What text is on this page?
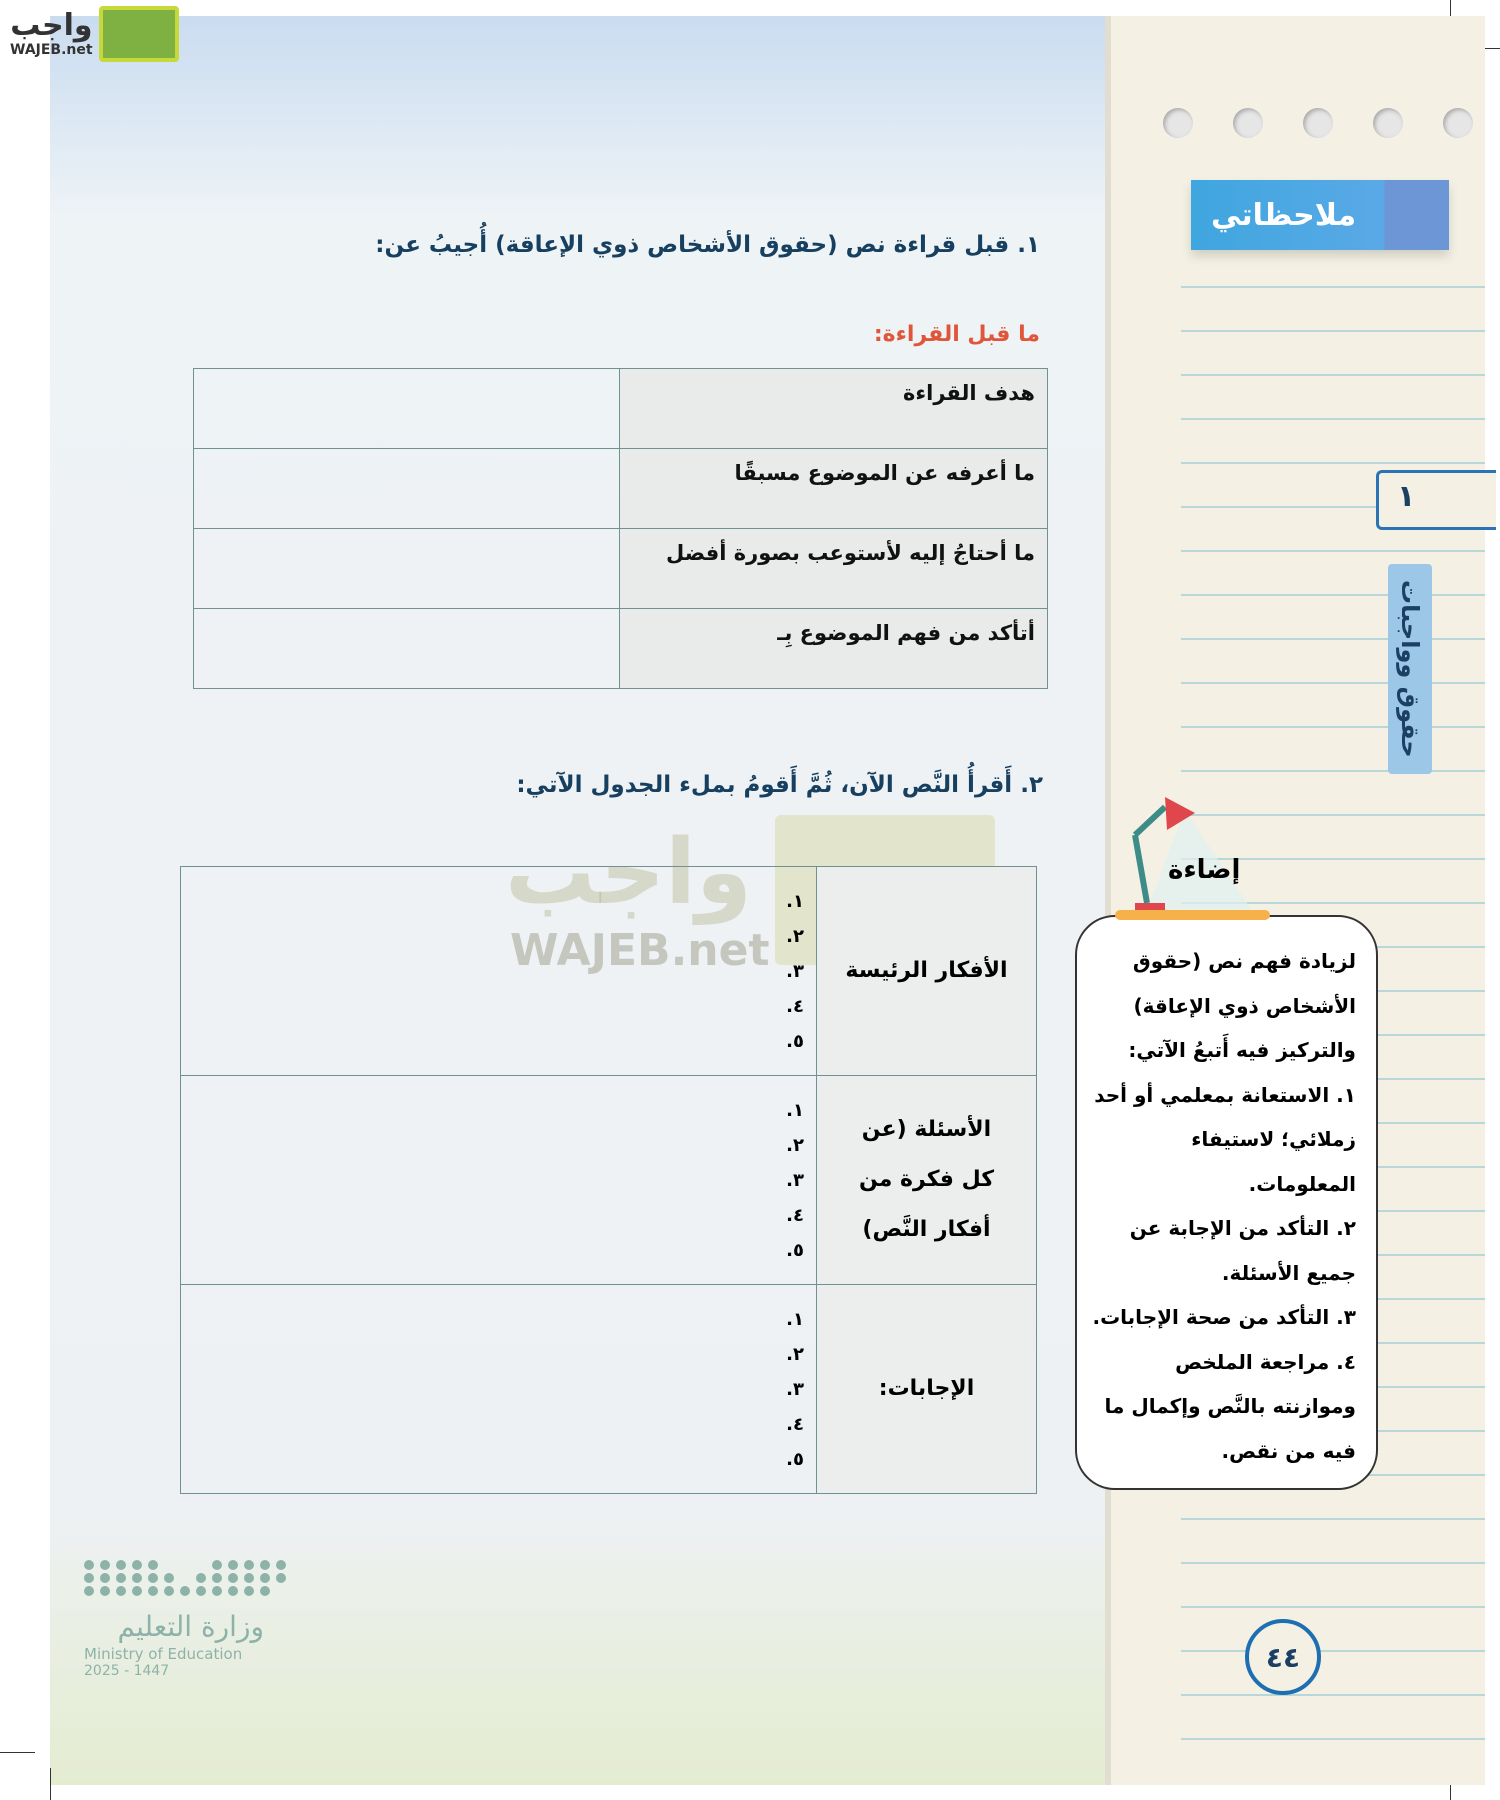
واجب
WAJEB.net
ملاحظاتي
١
حقوق وواجبات
١. قبل قراءة نص (حقوق الأشخاص ذوي الإعاقة) أُجيبُ عن:
ما قبل القراءة:
هدف القراءة	
ما أعرفه عن الموضوع مسبقًا	
ما أحتاجُ إليه لأستوعب بصورة أفضل	
أتأكد من فهم الموضوع بِـ	
٢. أَقرأُ النَّص الآن، ثُمَّ أَقومُ بملء الجدول الآتي:
واجب
WAJEB.net	الأفكار الرئيسة	١.
٢.
٣.
٤.
٥.

الأسئلة (عن كل فكرة من أفكار النَّص)	١.
٢.
٣.
٤.
٥.

الإجابات:	١.
٢.
٣.
٤.
٥.
إضاءة
لزيادة فهم نص (حقوق الأشخاص ذوي الإعاقة) والتركيز فيه أَتبعُ الآتي:
١. الاستعانة بمعلمي أو أحد زملائي؛ لاستيفاء المعلومات.
٢. التأكد من الإجابة عن جميع الأسئلة.
٣. التأكد من صحة الإجابات.
٤. مراجعة الملخص وموازنته بالنَّص وإكمال ما فيه من نقص.
٤٤
وزارة التعليم
Ministry of Education
2025 - 1447
